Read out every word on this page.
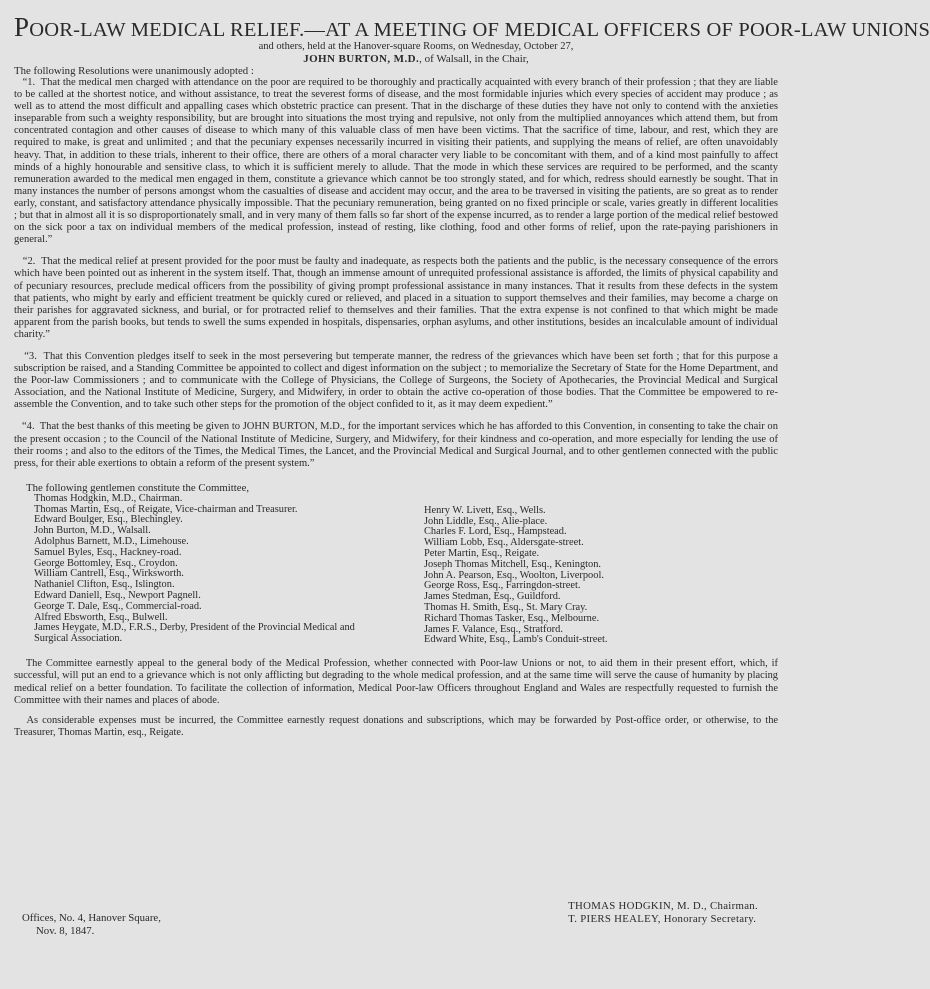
POOR-LAW MEDICAL RELIEF.—AT A MEETING OF MEDICAL OFFICERS OF POOR-LAW UNIONS
and others, held at the Hanover-square Rooms, on Wednesday, October 27,
JOHN BURTON, M.D., of Walsall, in the Chair,

The following Resolutions were unanimously adopted :

“1. That the medical men charged with attendance on the poor are required to be thoroughly and practically acquainted with every branch of their profession ; that they are liable to be called at the shortest notice, and without assistance, to treat the severest forms of disease, and the most formidable injuries which every species of accident may produce ; as well as to attend the most difficult and appalling cases which obstetric practice can present. That in the discharge of these duties they have not only to contend with the anxieties inseparable from such a weighty responsibility, but are brought into situations the most trying and repulsive, not only from the multiplied annoyances which attend them, but from concentrated contagion and other causes of disease to which many of this valuable class of men have been victims. That the sacrifice of time, labour, and rest, which they are required to make, is great and unlimited ; and that the pecuniary expenses necessarily incurred in visiting their patients, and supplying the means of relief, are often unavoidably heavy. That, in addition to these trials, inherent to their office, there are others of a moral character very liable to be concomitant with them, and of a kind most painfully to affect minds of a highly honourable and sensitive class, to which it is sufficient merely to allude. That the mode in which these services are required to be performed, and the scanty remuneration awarded to the medical men engaged in them, constitute a grievance which cannot be too strongly stated, and for which, redress should earnestly be sought. That in many instances the number of persons amongst whom the casualties of disease and accident may occur, and the area to be traversed in visiting the patients, are so great as to render early, constant, and satisfactory attendance physically impossible. That the pecuniary remuneration, being granted on no fixed principle or scale, varies greatly in different localities ; but that in almost all it is so disproportionately small, and in very many of them falls so far short of the expense incurred, as to render a large portion of the medical relief bestowed on the sick poor a tax on individual members of the medical profession, instead of resting, like clothing, food and other forms of relief, upon the rate-paying parishioners in general.”

“2. That the medical relief at present provided for the poor must be faulty and inadequate, as respects both the patients and the public, is the necessary consequence of the errors which have been pointed out as inherent in the system itself. That, though an immense amount of unrequited professional assistance is afforded, the limits of physical capability and of pecuniary resources, preclude medical officers from the possibility of giving prompt professional assistance in many instances. That it results from these defects in the system that patients, who might by early and efficient treatment be quickly cured or relieved, and placed in a situation to support themselves and their families, may become a charge on their parishes for aggravated sickness, and burial, or for protracted relief to themselves and their families. That the extra expense is not confined to that which might be made apparent from the parish books, but tends to swell the sums expended in hospitals, dispensaries, orphan asylums, and other institutions, besides an incalculable amount of individual charity.”

“3. That this Convention pledges itself to seek in the most persevering but temperate manner, the redress of the grievances which have been set forth ; that for this purpose a subscription be raised, and a Standing Committee be appointed to collect and digest information on the subject ; to memorialize the Secretary of State for the Home Department, and the Poor-law Commissioners ; and to communicate with the College of Physicians, the College of Surgeons, the Society of Apothecaries, the Provincial Medical and Surgical Association, and the National Institute of Medicine, Surgery, and Midwifery, in order to obtain the active co-operation of those bodies. That the Committee be empowered to re-assemble the Convention, and to take such other steps for the promotion of the object confided to it, as it may deem expedient.”

“4. That the best thanks of this meeting be given to JOHN BURTON, M.D., for the important services which he has afforded to this Convention, in consenting to take the chair on the present occasion ; to the Council of the National Institute of Medicine, Surgery, and Midwifery, for their kindness and co-operation, and more especially for lending the use of their rooms ; and also to the editors of the Times, the Medical Times, the Lancet, and the Provincial Medical and Surgical Journal, and to other gentlemen connected with the public press, for their able exertions to obtain a reform of the present system.”

The following gentlemen constitute the Committee,
Thomas Hodgkin, M.D., Chairman.
Thomas Martin, Esq., of Reigate, Vice-chairman and Treasurer.
Edward Boulger, Esq., Blechingley.
John Burton, M.D., Walsall.
Adolphus Barnett, M.D., Limehouse.
Samuel Byles, Esq., Hackney-road.
George Bottomley, Esq., Croydon.
William Cantrell, Esq., Wirksworth.
Nathaniel Clifton, Esq., Islington.
Edward Daniell, Esq., Newport Pagnell.
George T. Dale, Esq., Commercial-road.
Alfred Ebsworth, Esq., Bulwell.
James Heygate, M.D., F.R.S., Derby, President of the Provincial Medical and Surgical Association.
Henry W. Livett, Esq., Wells.
John Liddle, Esq., Alie-place.
Charles F. Lord, Esq., Hampstead.
William Lobb, Esq., Aldersgate-street.
Peter Martin, Esq., Reigate.
Joseph Thomas Mitchell, Esq., Kenington.
John A. Pearson, Esq., Woolton, Liverpool.
George Ross, Esq., Farringdon-street.
James Stedman, Esq., Guildford.
Thomas H. Smith, Esq., St. Mary Cray.
Richard Thomas Tasker, Esq., Melbourne.
James F. Valance, Esq., Stratford.
Edward White, Esq., Lamb's Conduit-street.

The Committee earnestly appeal to the general body of the Medical Profession, whether connected with Poor-law Unions or not, to aid them in their present effort, which, if successful, will put an end to a grievance which is not only afflicting but degrading to the whole medical profession, and at the same time will serve the cause of humanity by placing medical relief on a better foundation. To facilitate the collection of information, Medical Poor-law Officers throughout England and Wales are respectfully requested to furnish the Committee with their names and places of abode.

As considerable expenses must be incurred, the Committee earnestly request donations and subscriptions, which may be forwarded by Post-office order, or otherwise, to the Treasurer, Thomas Martin, esq., Reigate.

Offices, No. 4, Hanover Square,
Nov. 8, 1847.
THOMAS HODGKIN, M. D., Chairman.
T. PIERS HEALEY, Honorary Secretary.
